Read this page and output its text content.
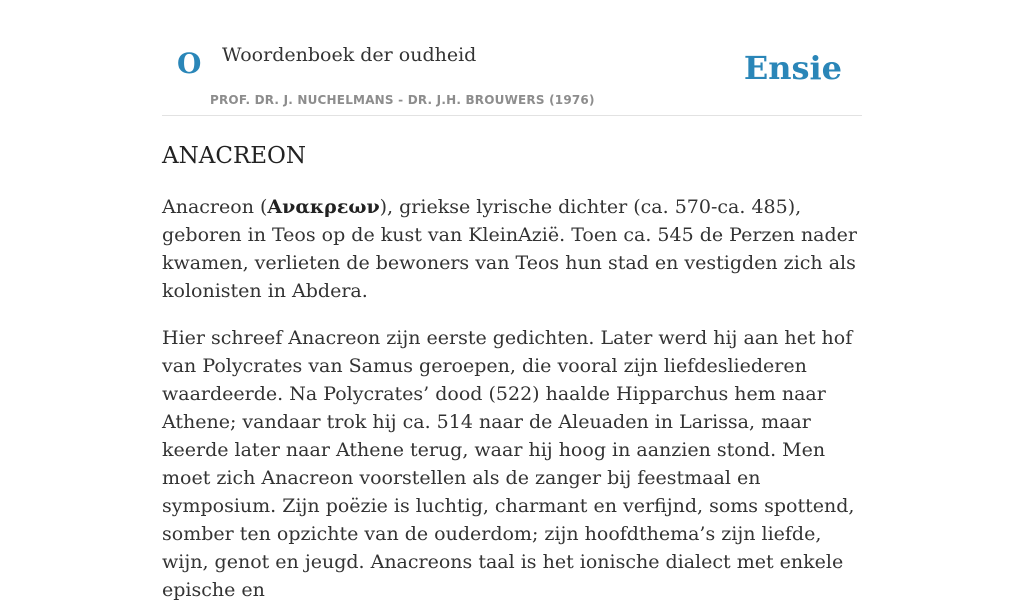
O Woordenboek der oudheid
PROF. DR. J. NUCHELMANS - DR. J.H. BROUWERS (1976)
Ensie
ANACREON

Anacreon (Ανακρεων), griekse lyrische dichter (ca. 570-ca. 485), geboren in Teos op de kust van KleinAzië. Toen ca. 545 de Perzen nader kwamen, verlieten de bewoners van Teos hun stad en vestigden zich als kolonisten in Abdera.

Hier schreef Anacreon zijn eerste gedichten. Later werd hij aan het hof van Polycrates van Samus geroepen, die vooral zijn liefdesliederen waardeerde. Na Polycrates’ dood (522) haalde Hipparchus hem naar Athene; vandaar trok hij ca. 514 naar de Aleuaden in Larissa, maar keerde later naar Athene terug, waar hij hoog in aanzien stond. Men moet zich Anacreon voorstellen als de zanger bij feestmaal en symposium. Zijn poëzie is luchtig, charmant en verfijnd, soms spottend, somber ten opzichte van de ouderdom; zijn hoofdthema’s zijn liefde, wijn, genot en jeugd. Anacreons taal is het ionische dialect met enkele epische en
